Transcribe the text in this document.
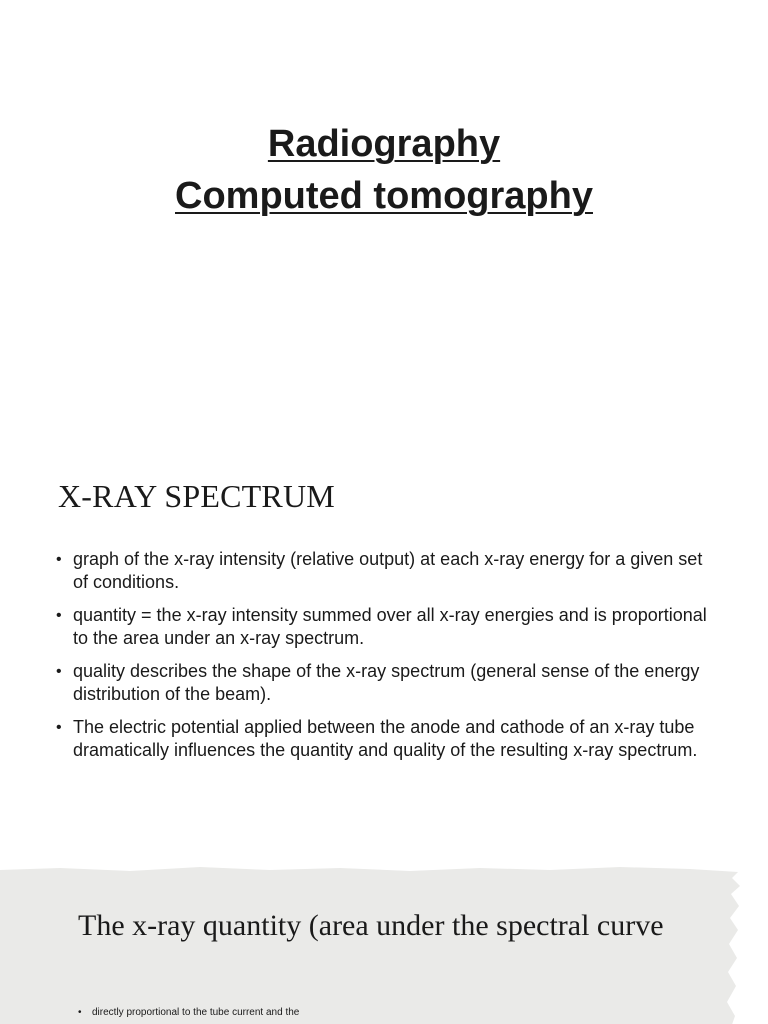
Radiography
Computed tomography
X-RAY SPECTRUM
• graph of the x-ray intensity (relative output) at each x-ray energy for a given set of conditions.
• quantity = the x-ray intensity summed over all x-ray energies and is proportional to the area under an x-ray spectrum.
• quality describes the shape of the x-ray spectrum (general sense of the energy distribution of the beam).
• The electric potential applied between the anode and cathode of an x-ray tube dramatically influences the quantity and quality of the resulting x-ray spectrum.
The x-ray quantity (area under the spectral curve
• directly proportional to the tube current and the
